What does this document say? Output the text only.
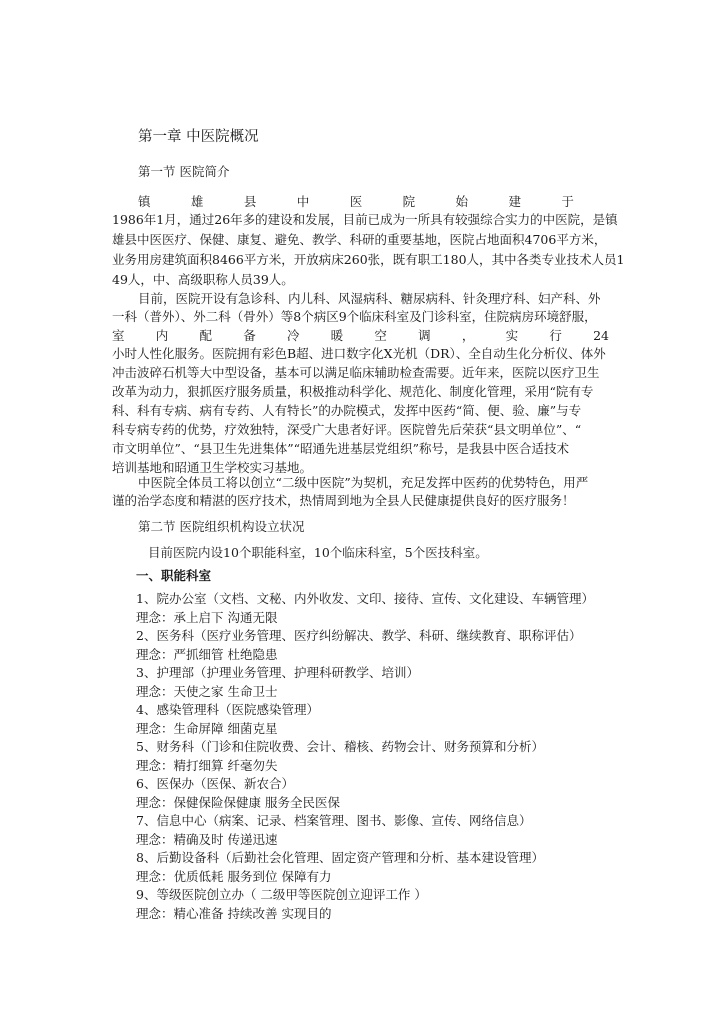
第一章 中医院概况
第一节 医院简介
镇	雄	县	中	医	院	始	建	于
1986年1月，通过26年多的建设和发展，目前已成为一所具有较强综合实力的中医院，是镇
雄县中医医疗、保健、康复、避免、教学、科研的重要基地，医院占地面积4706平方米，
业务用房建筑面积8466平方米，开放病床260张，既有职工180人，其中各类专业技术人员1
49人，中、高级职称人员39人。
目前，医院开设有急诊科、内儿科、风湿病科、糖尿病科、针灸理疗科、妇产科、外
一科（普外）、外二科（骨外）等8个病区9个临床科室及门诊科室，住院病房环境舒服，
室 内 配 备 冷 暖 空 调 ， 实 行 24
小时人性化服务。医院拥有彩色B超、进口数字化X光机（DR）、全自动生化分析仪、体外
冲击波碎石机等大中型设备，基本可以满足临床辅助检查需要。近年来，医院以医疗卫生
改革为动力，狠抓医疗服务质量，积极推动科学化、规范化、制度化管理，采用“院有专
科、科有专病、病有专药、人有特长”的办院模式，发挥中医药“简、便、验、廉”与专
科专病专药的优势，疗效独特，深受广大患者好评。医院曾先后荣获“县文明单位”、“
市文明单位”、“县卫生先进集体”“昭通先进基层党组织”称号，是我县中医合适技术
培训基地和昭通卫生学校实习基地。
中医院全体员工将以创立“二级中医院”为契机，充足发挥中医药的优势特色，用严
谨的治学态度和精湛的医疗技术，热情周到地为全县人民健康提供良好的医疗服务！
第二节 医院组织机构设立状况
目前医院内设10个职能科室，10个临床科室，5个医技科室。
一、职能科室
1、院办公室（文档、文秘、内外收发、文印、接待、宣传、文化建设、车辆管理）
理念：承上启下 沟通无限
2、医务科（医疗业务管理、医疗纠纷解决、教学、科研、继续教育、职称评估）
理念：严抓细管 杜绝隐患
3、护理部（护理业务管理、护理科研教学、培训）
理念：天使之家 生命卫士
4、感染管理科（医院感染管理）
理念：生命屏障 细菌克星
5、财务科（门诊和住院收费、会计、稽核、药物会计、财务预算和分析）
理念：精打细算 纤毫勿失
6、医保办（医保、新农合）
理念：保健保险保健康 服务全民医保
7、信息中心（病案、记录、档案管理、图书、影像、宣传、网络信息）
理念：精确及时 传递迅速
8、后勤设备科（后勤社会化管理、固定资产管理和分析、基本建设管理）
理念：优质低耗 服务到位 保障有力
9、等级医院创立办（ 二级甲等医院创立迎评工作 ）
理念：精心准备 持续改善 实现目的
